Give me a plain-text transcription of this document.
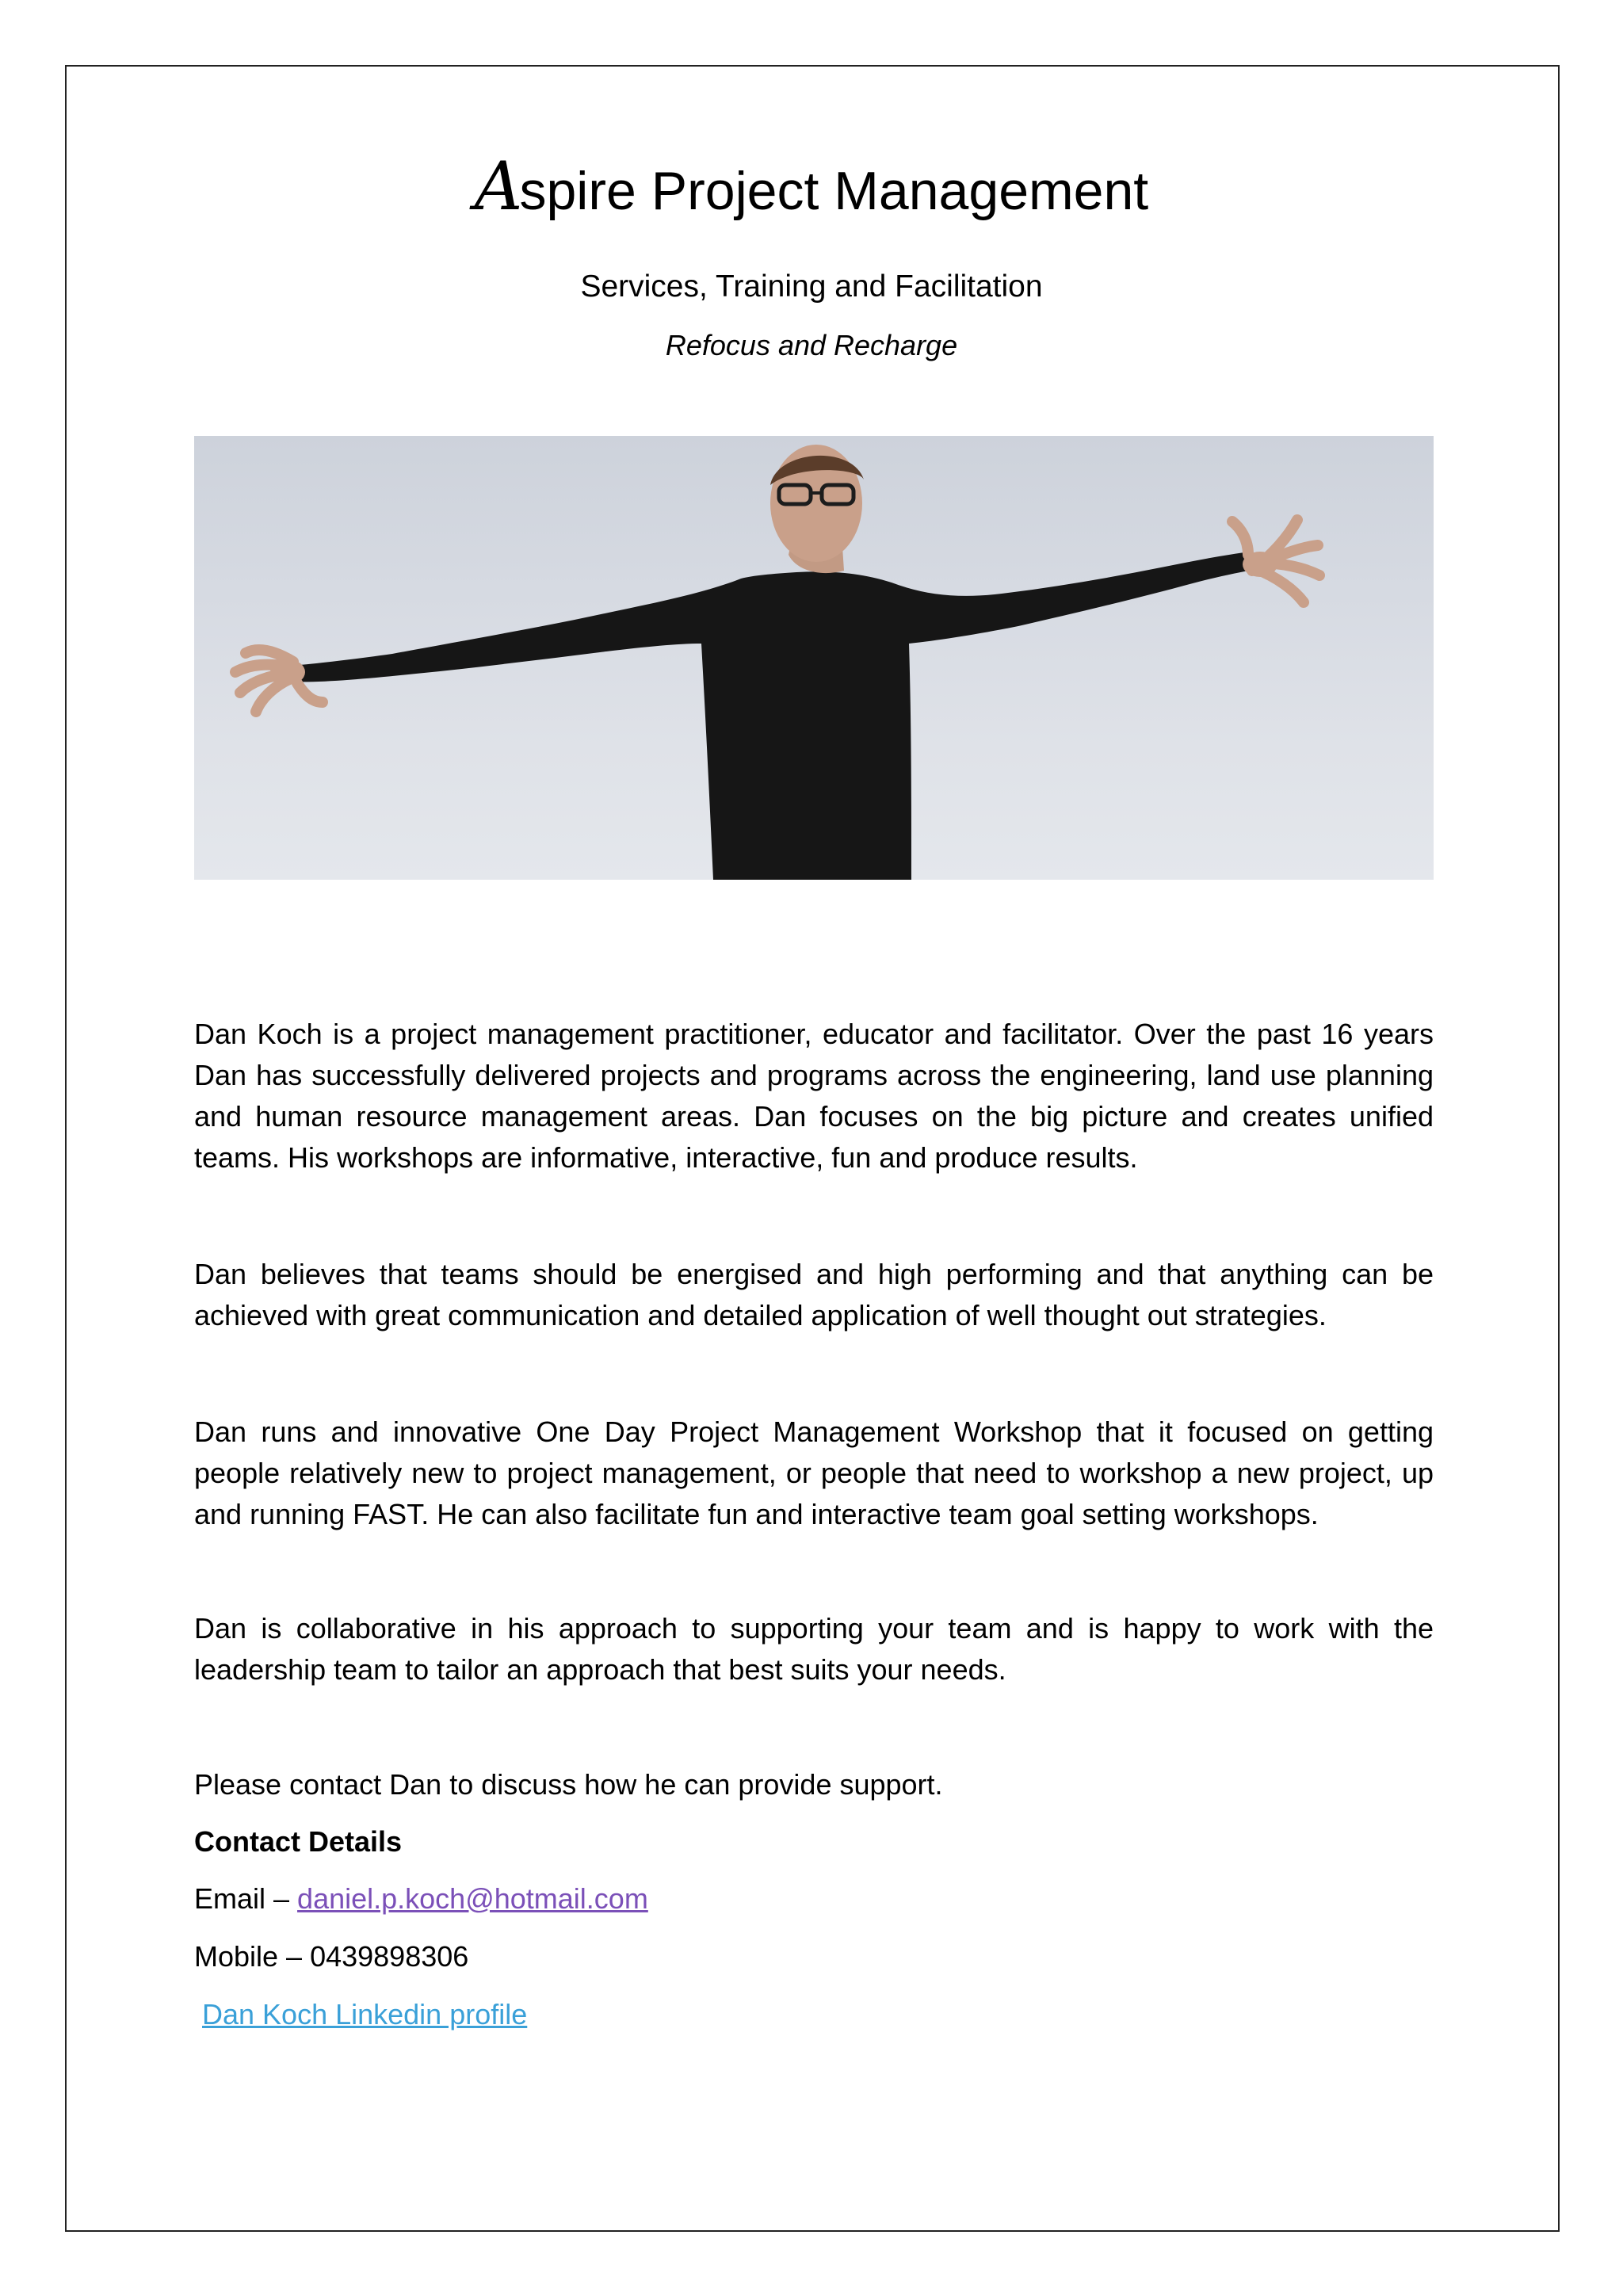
Aspire Project Management
Services, Training and Facilitation
Refocus and Recharge
Dan Koch is a project management practitioner, educator and facilitator. Over the past 16 years Dan has successfully delivered projects and programs across the engineering, land use planning and human resource management areas. Dan focuses on the big picture and creates unified teams. His workshops are informative, interactive, fun and produce results.
Dan believes that teams should be energised and high performing and that anything can be achieved with great communication and detailed application of well thought out strategies.
Dan runs and innovative One Day Project Management Workshop that it focused on getting people relatively new to project management, or people that need to workshop a new project, up and running FAST. He can also facilitate fun and interactive team goal setting workshops.
Dan is collaborative in his approach to supporting your team and is happy to work with the leadership team to tailor an approach that best suits your needs.
Please contact Dan to discuss how he can provide support.
Contact Details
Email – daniel.p.koch@hotmail.com
Mobile – 0439898306
Dan Koch Linkedin profile
